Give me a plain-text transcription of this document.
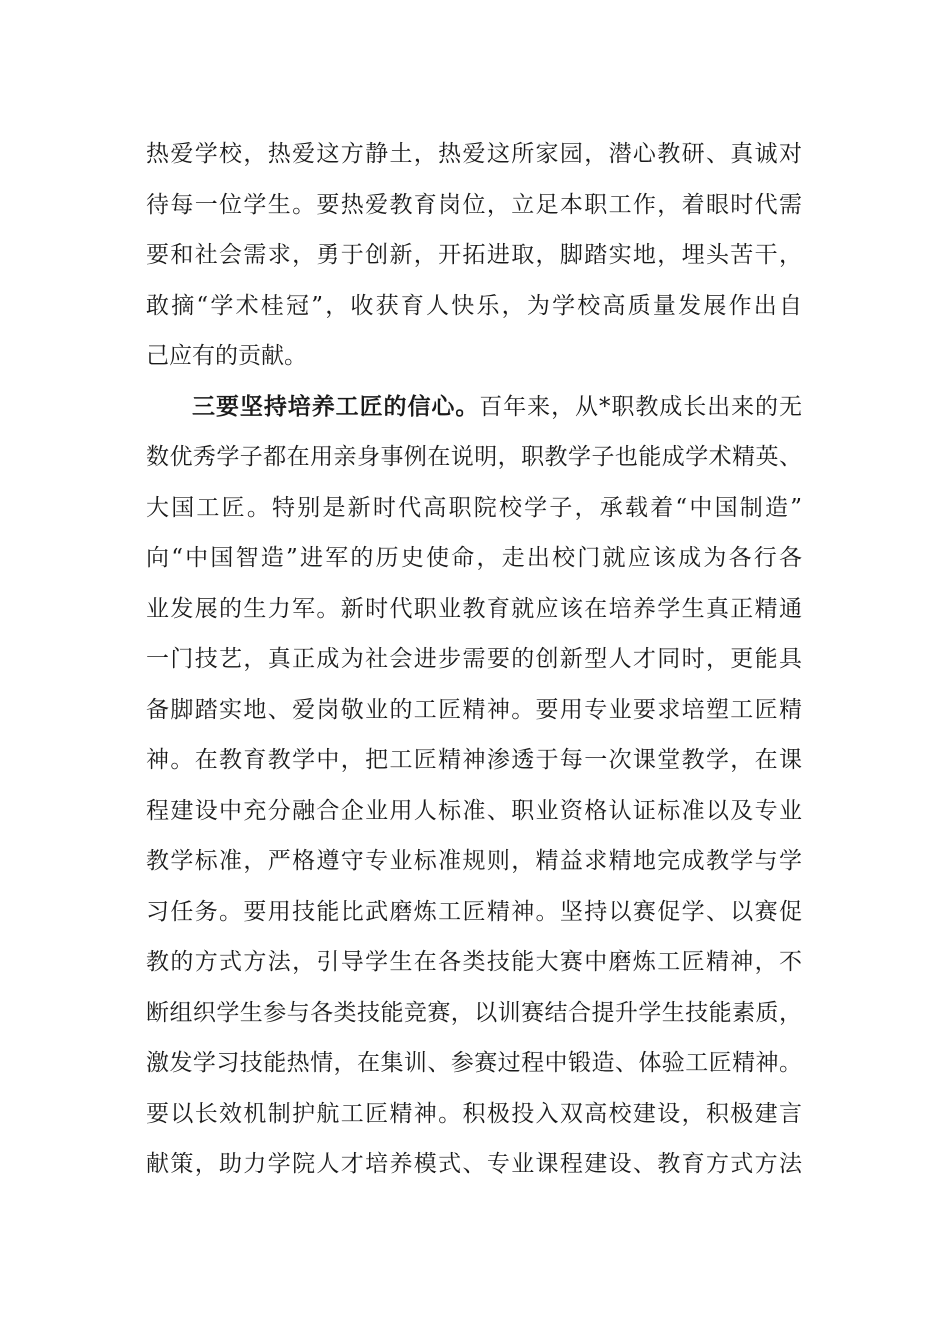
热爱学校，热爱这方静土，热爱这所家园，潜心教研、真诚对
待每一位学生。要热爱教育岗位，立足本职工作，着眼时代需
要和社会需求，勇于创新，开拓进取，脚踏实地，埋头苦干，
敢摘“学术桂冠”，收获育人快乐，为学校高质量发展作出自
己应有的贡献。
三要坚持培养工匠的信心。百年来，从*职教成长出来的无
数优秀学子都在用亲身事例在说明，职教学子也能成学术精英、
大国工匠。特别是新时代高职院校学子，承载着“中国制造”
向“中国智造”进军的历史使命，走出校门就应该成为各行各
业发展的生力军。新时代职业教育就应该在培养学生真正精通
一门技艺，真正成为社会进步需要的创新型人才同时，更能具
备脚踏实地、爱岗敬业的工匠精神。要用专业要求培塑工匠精
神。在教育教学中，把工匠精神渗透于每一次课堂教学，在课
程建设中充分融合企业用人标准、职业资格认证标准以及专业
教学标准，严格遵守专业标准规则，精益求精地完成教学与学
习任务。要用技能比武磨炼工匠精神。坚持以赛促学、以赛促
教的方式方法，引导学生在各类技能大赛中磨炼工匠精神，不
断组织学生参与各类技能竞赛，以训赛结合提升学生技能素质，
激发学习技能热情，在集训、参赛过程中锻造、体验工匠精神。
要以长效机制护航工匠精神。积极投入双高校建设，积极建言
献策，助力学院人才培养模式、专业课程建设、教育方式方法
